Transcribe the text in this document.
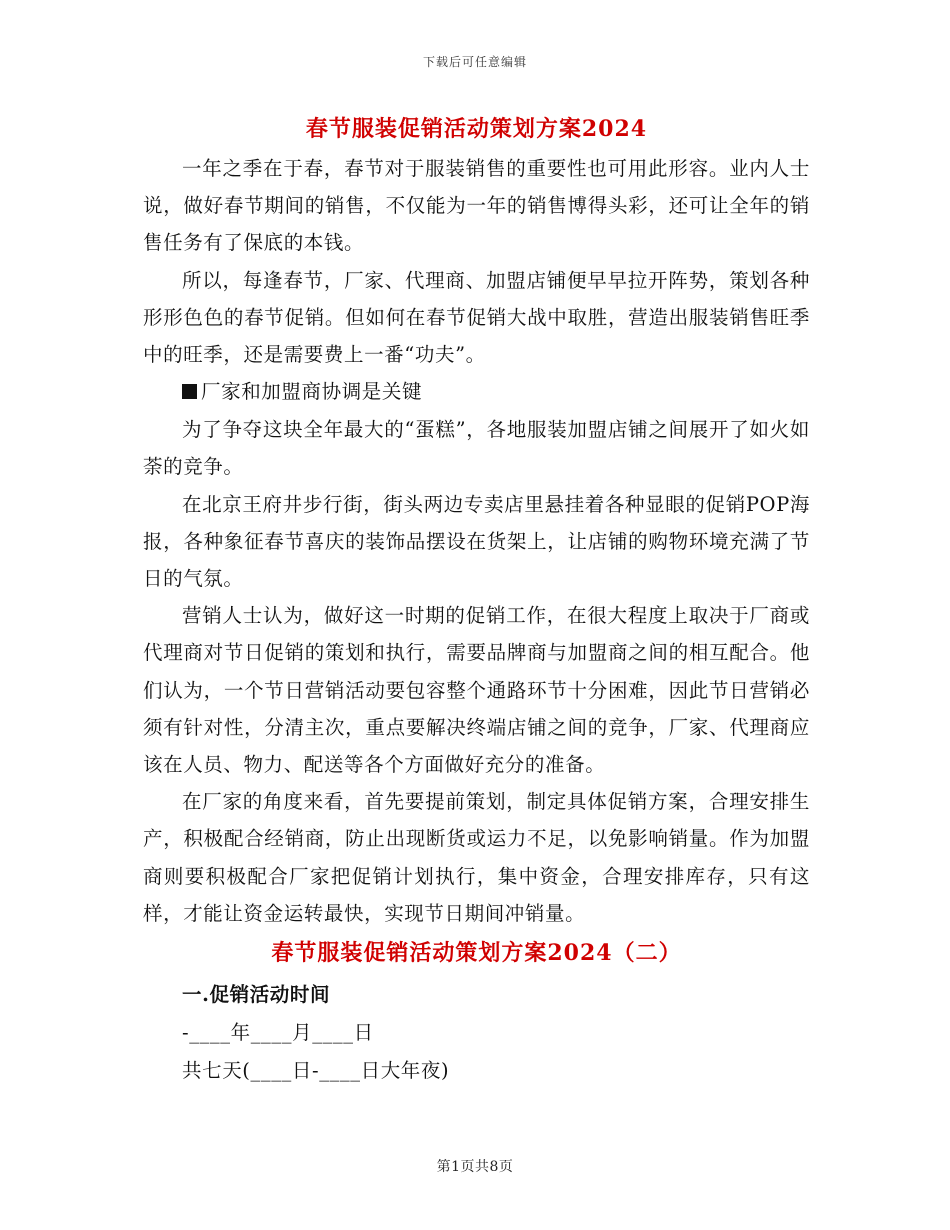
下载后可任意编辑
春节服装促销活动策划方案2024

一年之季在于春，春节对于服装销售的重要性也可用此形容。业内人士说，做好春节期间的销售，不仅能为一年的销售博得头彩，还可让全年的销售任务有了保底的本钱。

所以，每逢春节，厂家、代理商、加盟店铺便早早拉开阵势，策划各种形形色色的春节促销。但如何在春节促销大战中取胜，营造出服装销售旺季中的旺季，还是需要费上一番“功夫”。

厂家和加盟商协调是关键

为了争夺这块全年最大的“蛋糕”，各地服装加盟店铺之间展开了如火如荼的竞争。

在北京王府井步行街，街头两边专卖店里悬挂着各种显眼的促销POP海报，各种象征春节喜庆的装饰品摆设在货架上，让店铺的购物环境充满了节日的气氛。

营销人士认为，做好这一时期的促销工作，在很大程度上取决于厂商或代理商对节日促销的策划和执行，需要品牌商与加盟商之间的相互配合。他们认为，一个节日营销活动要包容整个通路环节十分困难，因此节日营销必须有针对性，分清主次，重点要解决终端店铺之间的竞争，厂家、代理商应该在人员、物力、配送等各个方面做好充分的准备。

在厂家的角度来看，首先要提前策划，制定具体促销方案，合理安排生产，积极配合经销商，防止出现断货或运力不足，以免影响销量。作为加盟商则要积极配合厂家把促销计划执行，集中资金，合理安排库存，只有这样，才能让资金运转最快，实现节日期间冲销量。

春节服装促销活动策划方案2024（二）

一.促销活动时间

-____年____月____日

共七天(____日-____日大年夜)

第1页共8页
